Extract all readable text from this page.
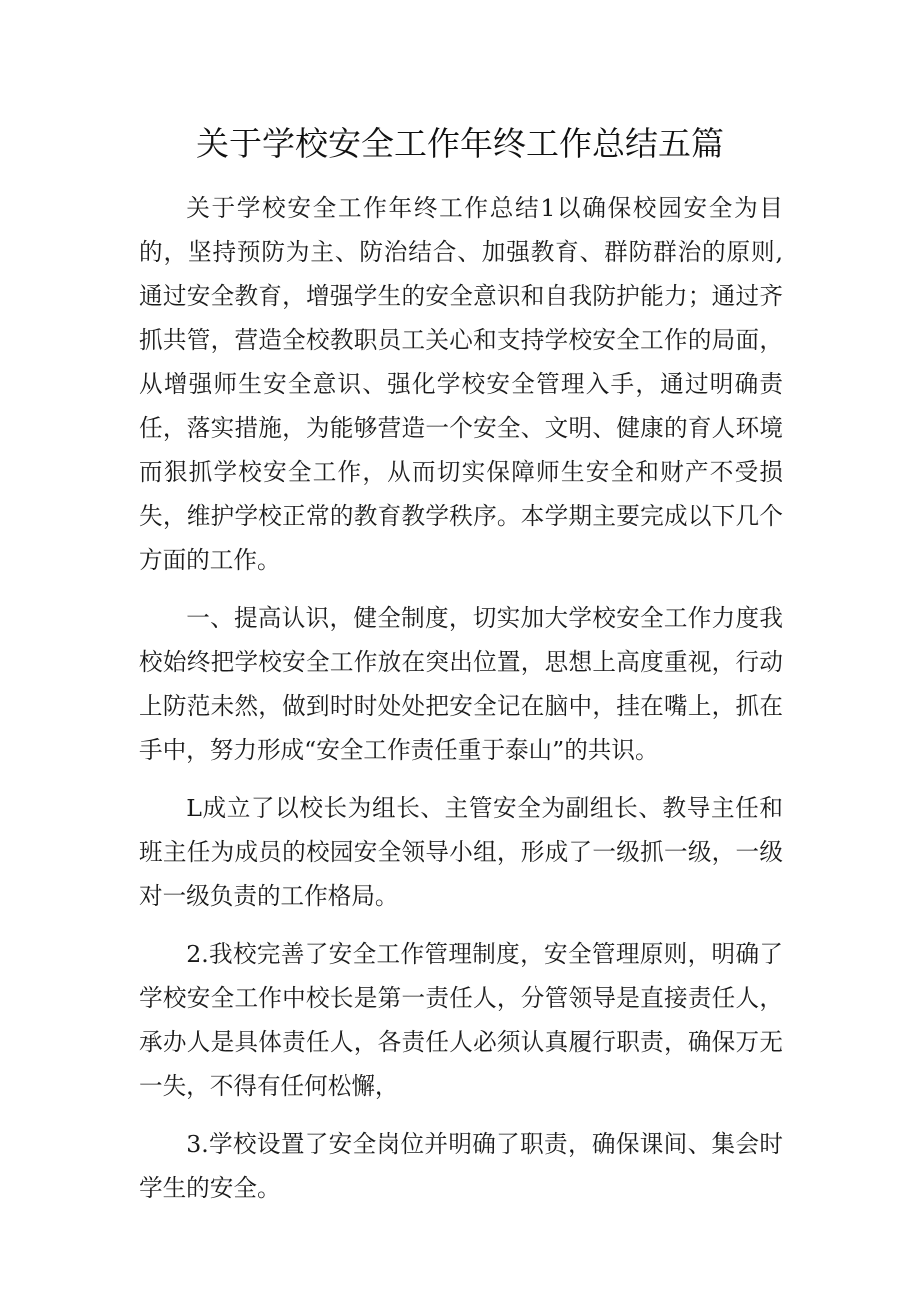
关于学校安全工作年终工作总结五篇

关于学校安全工作年终工作总结1以确保校园安全为目的，坚持预防为主、防治结合、加强教育、群防群治的原则,通过安全教育，增强学生的安全意识和自我防护能力；通过齐抓共管，营造全校教职员工关心和支持学校安全工作的局面，从增强师生安全意识、强化学校安全管理入手，通过明确责任，落实措施，为能够营造一个安全、文明、健康的育人环境而狠抓学校安全工作，从而切实保障师生安全和财产不受损失，维护学校正常的教育教学秩序。本学期主要完成以下几个方面的工作。

一、提高认识，健全制度，切实加大学校安全工作力度我校始终把学校安全工作放在突出位置，思想上高度重视，行动上防范未然，做到时时处处把安全记在脑中，挂在嘴上，抓在手中，努力形成“安全工作责任重于泰山”的共识。

L成立了以校长为组长、主管安全为副组长、教导主任和班主任为成员的校园安全领导小组，形成了一级抓一级，一级对一级负责的工作格局。

2.我校完善了安全工作管理制度，安全管理原则，明确了学校安全工作中校长是第一责任人，分管领导是直接责任人，承办人是具体责任人，各责任人必须认真履行职责，确保万无一失，不得有任何松懈，

3.学校设置了安全岗位并明确了职责，确保课间、集会时学生的安全。
